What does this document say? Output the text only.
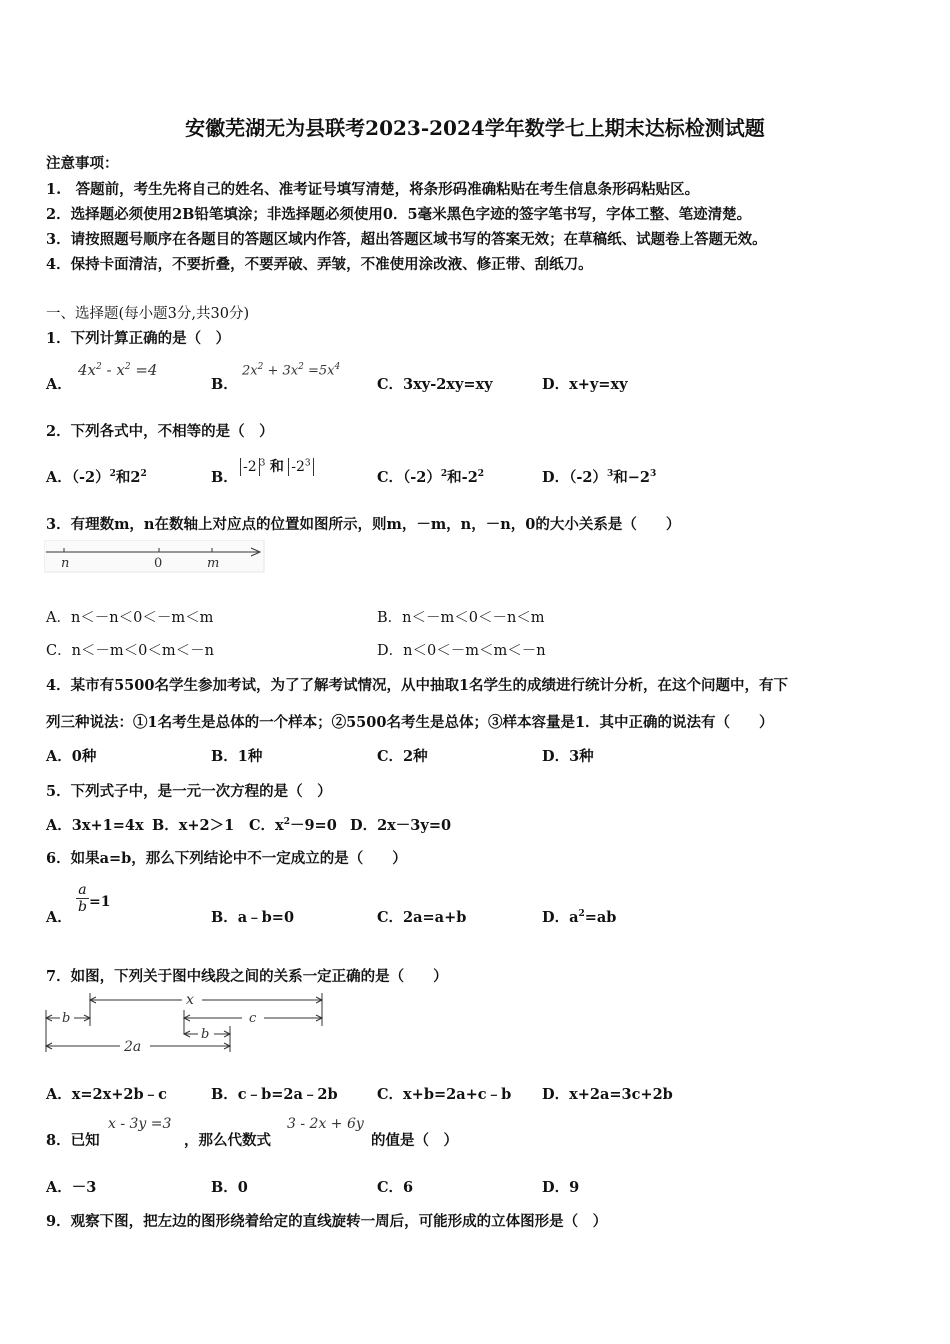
安徽芜湖无为县联考2023-2024学年数学七上期末达标检测试题
注意事项：
1.　答题前，考生先将自己的姓名、准考证号填写清楚，将条形码准确粘贴在考生信息条形码粘贴区。
2．选择题必须使用2B铅笔填涂；非选择题必须使用0．5毫米黑色字迹的签字笔书写，字体工整、笔迹清楚。
3．请按照题号顺序在各题目的答题区域内作答，超出答题区域书写的答案无效；在草稿纸、试题卷上答题无效。
4．保持卡面清洁，不要折叠，不要弄破、弄皱，不准使用涂改液、修正带、刮纸刀。
一、选择题(每小题3分,共30分)
1．下列计算正确的是（　）
A．
$4x^2 - x^2 =4$
B．
$2x^2 + 3x^2 =5x^4$
C．3xy-2xy=xy	D．x+y=xy
2．下列各式中，不相等的是（　）
A．$(-2)^2$和$2^2$	B．
-2 $^3$ 和 $-2^3$
C．$(-2)^2$和$-2^2$	D．$(-2)^3$和$-2^3$
3．有理数m，n在数轴上对应点的位置如图所示，则m，－m，n，－n，0的大小关系是（　　）
n	0	m
A．n＜－n＜0＜－m＜m	B．n＜－m＜0＜－n＜m
C．n＜－m＜0＜m＜－n	D．n＜0＜－m＜m＜－n
4．某市有5500名学生参加考试，为了了解考试情况，从中抽取1名学生的成绩进行统计分析，在这个问题中，有下
列三种说法：①1名考生是总体的一个样本；②5500名考生是总体；③样本容量是1．其中正确的说法有（　　）
A．0种	B．1种	C．2种	D．3种
5．下列式子中，是一元一次方程的是（　）
A．3x+1=4x B．x+2＞1 C．$x^2-9=0$ D．2x－3y=0
6．如果a=b，那么下列结论中不一定成立的是（　　）
A．
$\frac{a}{b} =1$
B．a﹣b=0	C．2a=a+b	D．$a^2=ab$
7．如图，下列关于图中线段之间的关系一定正确的是（　　）
x
b	c
b
2a
A．x=2x+2b﹣c	B．c﹣b=2a﹣2b	C．x+b=2a+c﹣b D．x+2a=3c+2b
8．已知
x - 3y =3
，那么代数式
3 - 2x + 6y
的值是（　）
A．－3	B．0	C．6	D．9
9．观察下图，把左边的图形绕着给定的直线旋转一周后，可能形成的立体图形是（　）
